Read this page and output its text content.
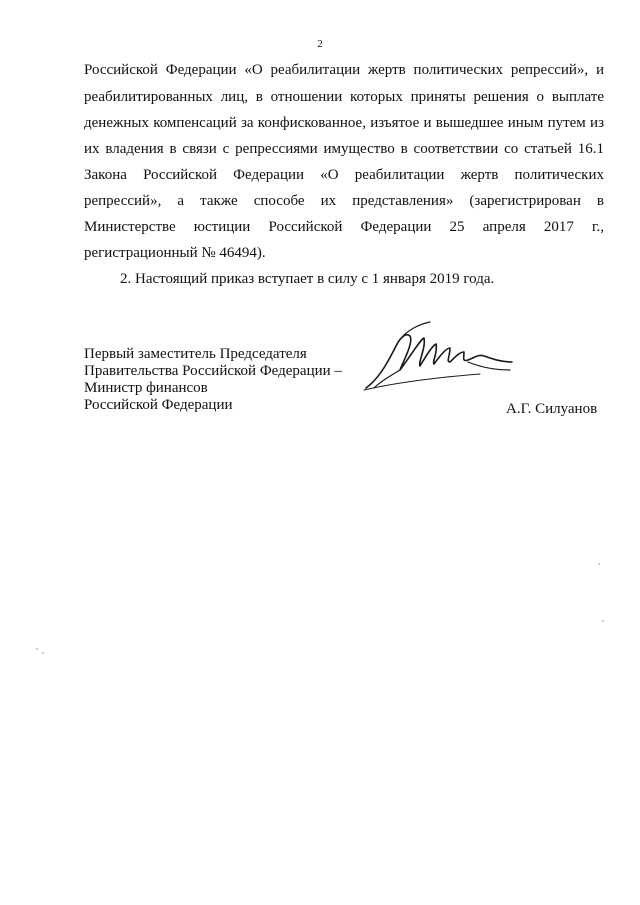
2
Российской Федерации «О реабилитации жертв политических репрессий», и
реабилитированных лиц, в отношении которых приняты решения о выплате
денежных компенсаций за конфискованное, изъятое и вышедшее иным путем из
их владения в связи с репрессиями имущество в соответствии со статьей 16.1
Закона Российской Федерации «О реабилитации жертв политических
репрессий», а также способе их представления» (зарегистрирован в
Министерстве юстиции Российской Федерации 25 апреля 2017 г.,
регистрационный № 46494).
2. Настоящий приказ вступает в силу с 1 января 2019 года.
Первый заместитель Председателя
Правительства Российской Федерации –
Министр финансов
Российской Федерации	А.Г. Силуанов
